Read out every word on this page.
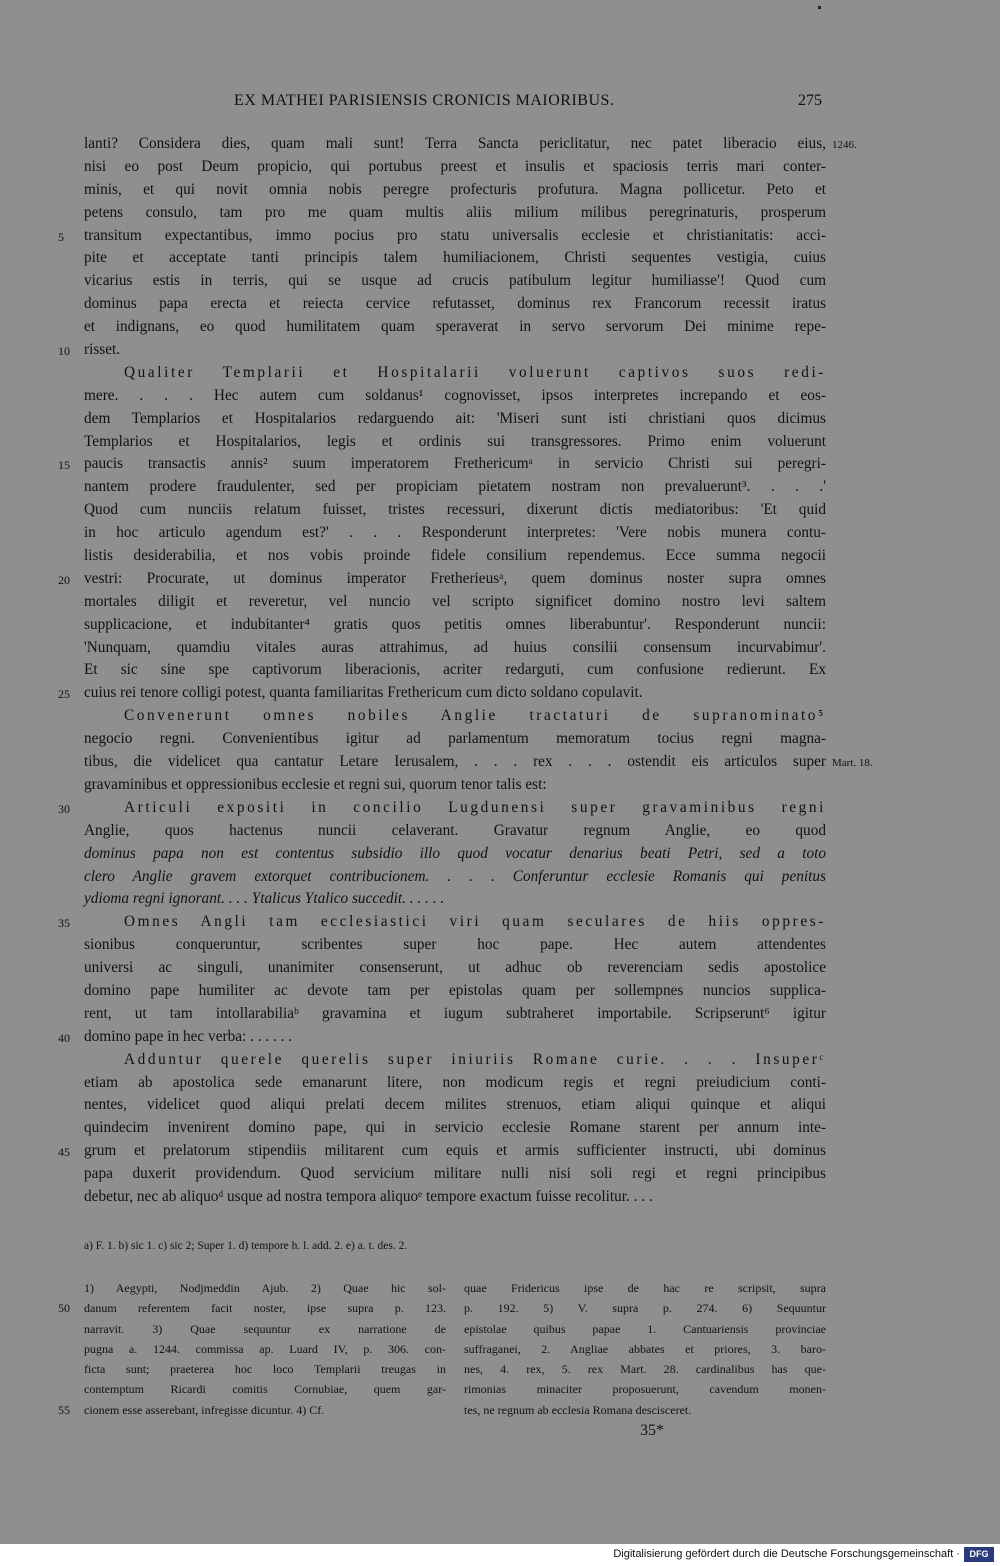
EX MATHEI PARISIENSIS CRONICIS MAIORIBUS.	275
1246.
lanti? Considera dies, quam mali sunt! Terra Sancta periclitatur, nec patet liberacio eius,
nisi eo post Deum propicio, qui portubus preest et insulis et spaciosis terris mari conter-
minis, et qui novit omnia nobis peregre profecturis profutura. Magna pollicetur. Peto et
petens consulo, tam pro me quam multis aliis milium milibus peregrinaturis, prosperum
5	transitum expectantibus, immo pocius pro statu universalis ecclesie et christianitatis: acci-
pite et acceptate tanti principis talem humiliacionem, Christi sequentes vestigia, cuius
vicarius estis in terris, qui se usque ad crucis patibulum legitur humiliasse'! Quod cum
dominus papa erecta et reiecta cervice refutasset, dominus rex Francorum recessit iratus
et indignans, eo quod humilitatem quam speraverat in servo servorum Dei minime repe-
10 risset.
Qualiter Templarii et Hospitalarii voluerunt captivos suos redi-
mere. . . . Hec autem cum soldanus¹ cognovisset, ipsos interpretes increpando et eos-
dem Templarios et Hospitalarios redarguendo ait: 'Miseri sunt isti christiani quos dicimus
Templarios et Hospitalarios, legis et ordinis sui transgressores. Primo enim voluerunt
15 paucis transactis annis² suum imperatorem Frethericumᵃ in servicio Christi sui peregri-
nantem prodere fraudulenter, sed per propiciam pietatem nostram non prevaluerunt³. . . .'
Quod cum nunciis relatum fuisset, tristes recessuri, dixerunt dictis mediatoribus: 'Et quid
in hoc articulo agendum est?' . . . Responderunt interpretes: 'Vere nobis munera contu-
listis desiderabilia, et nos vobis proinde fidele consilium rependemus. Ecce summa negocii
20 vestri: Procurate, ut dominus imperator Fretherieusᵃ, quem dominus noster supra omnes
mortales diligit et reveretur, vel nuncio vel scripto significet domino nostro levi saltem
supplicacione, et indubitanter⁴ gratis quos petitis omnes liberabuntur'. Responderunt nuncii:
'Nunquam, quamdiu vitales auras attrahimus, ad huius consilii consensum incurvabimur'.
Et sic sine spe captivorum liberacionis, acriter redarguti, cum confusione redierunt. Ex
25 cuius rei tenore colligi potest, quanta familiaritas Frethericum cum dicto soldano copulavit.
Convenerunt omnes nobiles Anglie tractaturi de supranominato⁵
negocio regni. Convenientibus igitur ad parlamentum memoratum tocius regni magna-
Mart. 18.
tibus, die videlicet qua cantatur Letare Ierusalem, . . . rex . . . ostendit eis articulos super
gravaminibus et oppressionibus ecclesie et regni sui, quorum tenor talis est:
30	Articuli expositi in concilio Lugdunensi super gravaminibus regni
Anglie, quos hactenus nuncii celaverant. Gravatur regnum Anglie, eo quod
dominus papa non est contentus subsidio illo quod vocatur denarius beati Petri, sed a toto
clero Anglie gravem extorquet contribucionem. . . . Conferuntur ecclesie Romanis qui penitus
ydioma regni ignorant. . . . Ytalicus Ytalico succedit. . . . . .
35	Omnes Angli tam ecclesiastici viri quam seculares de hiis oppres-
sionibus conqueruntur, scribentes super hoc pape. Hec autem attendentes
universi ac singuli, unanimiter consenserunt, ut adhuc ob reverenciam sedis apostolice
domino pape humiliter ac devote tam per epistolas quam per sollempnes nuncios supplica-
rent, ut tam intollarabiliaᵇ gravamina et iugum subtraheret importabile. Scripserunt⁶ igitur
40 domino pape in hec verba: . . . . . .
Adduntur querele querelis super iniuriis Romane curie. . . . Insuperᶜ
etiam ab apostolica sede emanarunt litere, non modicum regis et regni preiudicium conti-
nentes, videlicet quod aliqui prelati decem milites strenuos, etiam aliqui quinque et aliqui
quindecim invenirent domino pape, qui in servicio ecclesie Romane starent per annum inte-
45 grum et prelatorum stipendiis militarent cum equis et armis sufficienter instructi, ubi dominus
papa duxerit providendum. Quod servicium militare nulli nisi soli regi et regni principibus
debetur, nec ab aliquoᵈ usque ad nostra tempora aliquoᵉ tempore exactum fuisse recolitur. . . .
a) F. 1. b) sic 1. c) sic 2; Super 1. d) tempore h. l. add. 2. e) a. t. des. 2.
1) Aegypti, Nodjmeddin Ajub. 2) Quae hic sol-
50	danum referentem facit noster, ipse supra p. 123.
narravit. 3) Quae sequuntur ex narratione de
pugna a. 1244. commissa ap. Luard IV, p. 306. con-
ficta sunt; praeterea hoc loco Templarii treugas in
contemptum Ricardi comitis Cornubiae, quem gar-
55	cionem esse asserebant, infregisse dicuntur. 4) Cf.
quae Fridericus ipse de hac re scripsit, supra
p. 192. 5) V. supra p. 274. 6) Sequuntur
epistolae quibus papae 1. Cantuariensis provinciae
suffraganei, 2. Angliae abbates et priores, 3. baro-
nes, 4. rex, 5. rex Mart. 28. cardinalibus has que-
rimonias minaciter proposuerunt, cavendum monen-
tes, ne regnum ab ecclesia Romana descisceret.
35*
Digitalisierung gefördert durch die Deutsche Forschungsgemeinschaft ·	DFG
